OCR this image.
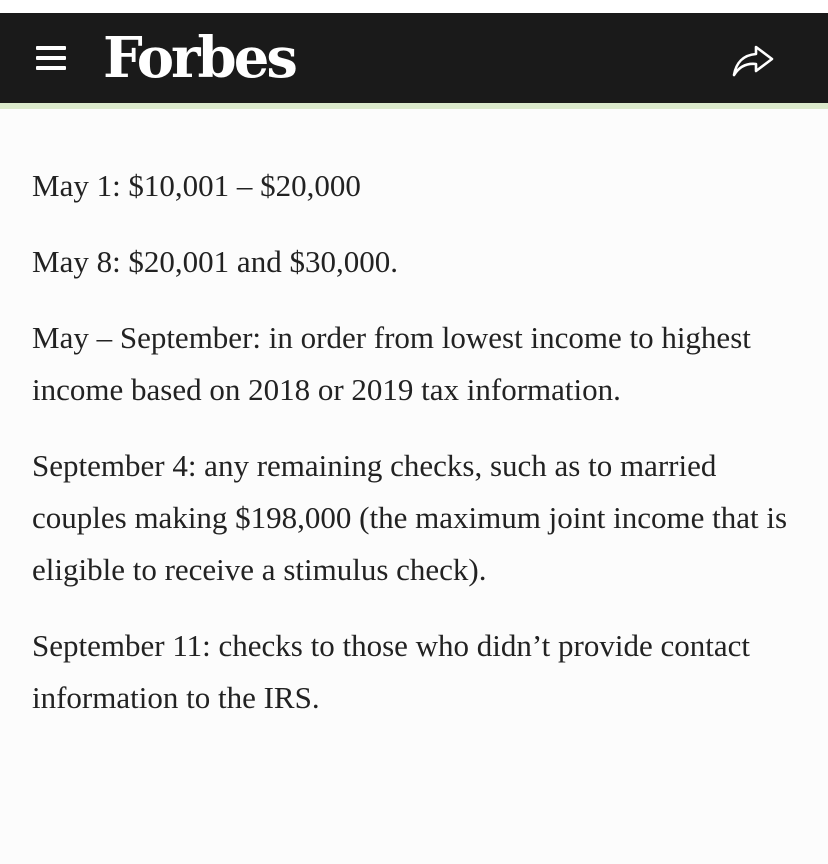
Forbes

May 1: $10,001 – $20,000

May 8: $20,001 and $30,000.

May – September: in order from lowest income to highest income based on 2018 or 2019 tax information.

September 4: any remaining checks, such as to married couples making $198,000 (the maximum joint income that is eligible to receive a stimulus check).

September 11: checks to those who didn’t provide contact information to the IRS.
